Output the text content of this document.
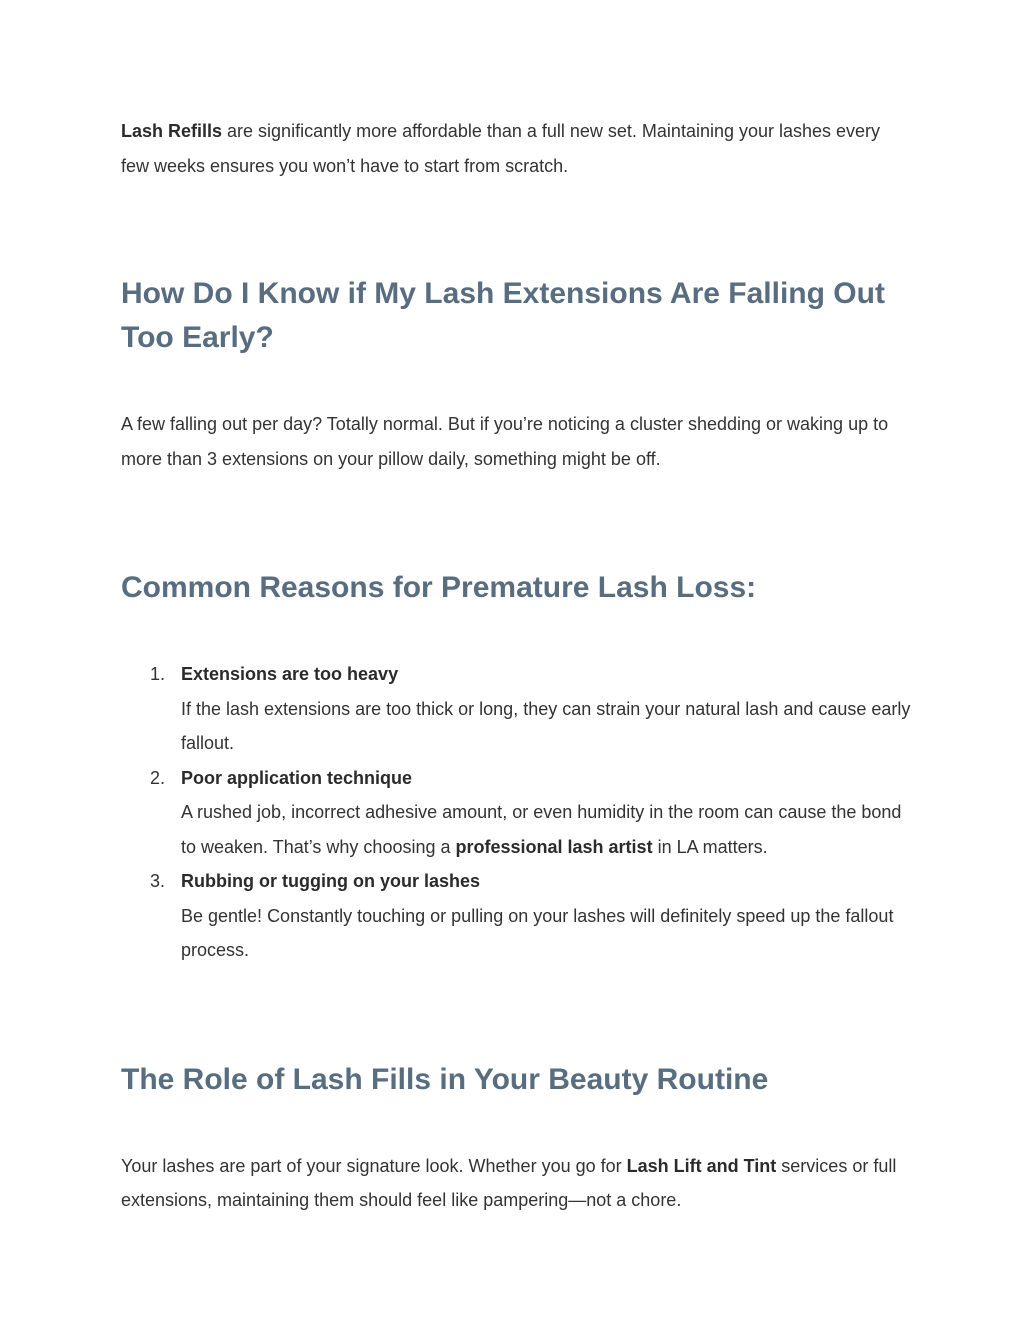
Lash Refills are significantly more affordable than a full new set. Maintaining your lashes every few weeks ensures you won’t have to start from scratch.

How Do I Know if My Lash Extensions Are Falling Out Too Early?

A few falling out per day? Totally normal. But if you’re noticing a cluster shedding or waking up to more than 3 extensions on your pillow daily, something might be off.

Common Reasons for Premature Lash Loss:
1. Extensions are too heavy
If the lash extensions are too thick or long, they can strain your natural lash and cause early fallout.
2. Poor application technique
A rushed job, incorrect adhesive amount, or even humidity in the room can cause the bond to weaken. That’s why choosing a professional lash artist in LA matters.
3. Rubbing or tugging on your lashes
Be gentle! Constantly touching or pulling on your lashes will definitely speed up the fallout process.
The Role of Lash Fills in Your Beauty Routine

Your lashes are part of your signature look. Whether you go for Lash Lift and Tint services or full extensions, maintaining them should feel like pampering—not a chore.
